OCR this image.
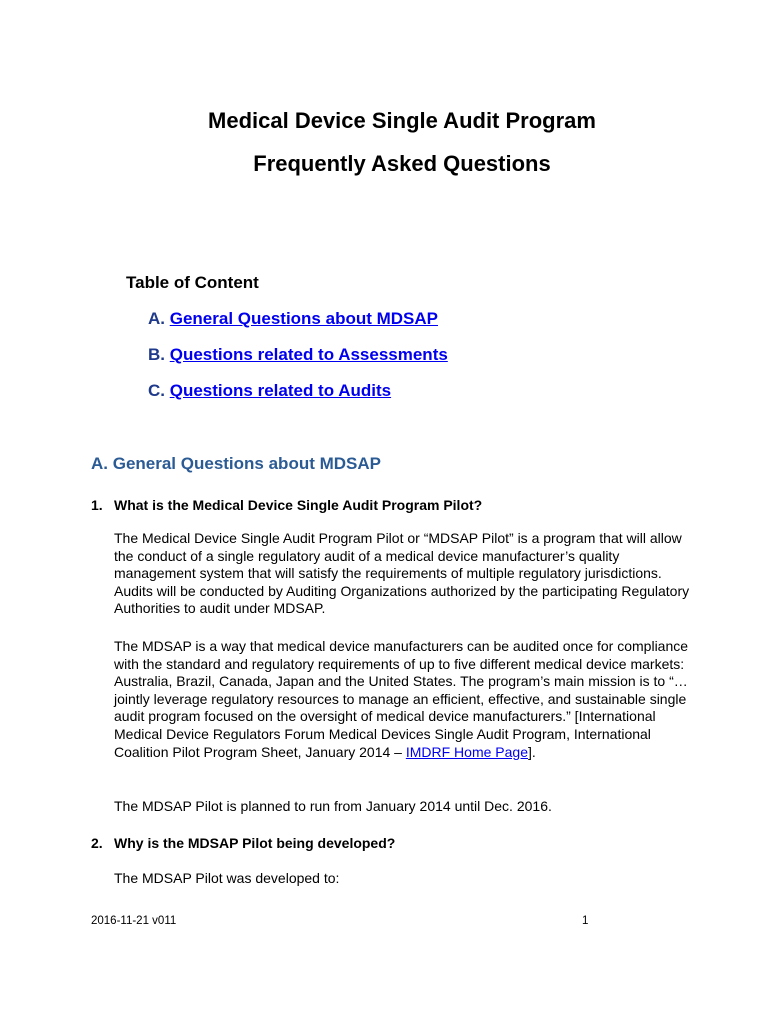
Medical Device Single Audit Program
Frequently Asked Questions
Table of Content
A. General Questions about MDSAP
B. Questions related to Assessments
C. Questions related to Audits
A. General Questions about MDSAP
1. What is the Medical Device Single Audit Program Pilot?
The Medical Device Single Audit Program Pilot or “MDSAP Pilot” is a program that will allow the conduct of a single regulatory audit of a medical device manufacturer’s quality management system that will satisfy the requirements of multiple regulatory jurisdictions. Audits will be conducted by Auditing Organizations authorized by the participating Regulatory Authorities to audit under MDSAP.
The MDSAP is a way that medical device manufacturers can be audited once for compliance with the standard and regulatory requirements of up to five different medical device markets: Australia, Brazil, Canada, Japan and the United States. The program’s main mission is to “…jointly leverage regulatory resources to manage an efficient, effective, and sustainable single audit program focused on the oversight of medical device manufacturers.” [International Medical Device Regulators Forum Medical Devices Single Audit Program, International Coalition Pilot Program Sheet, January 2014 – IMDRF Home Page].
The MDSAP Pilot is planned to run from January 2014 until Dec. 2016.
2. Why is the MDSAP Pilot being developed?
The MDSAP Pilot was developed to:
2016-11-21 v011	1
